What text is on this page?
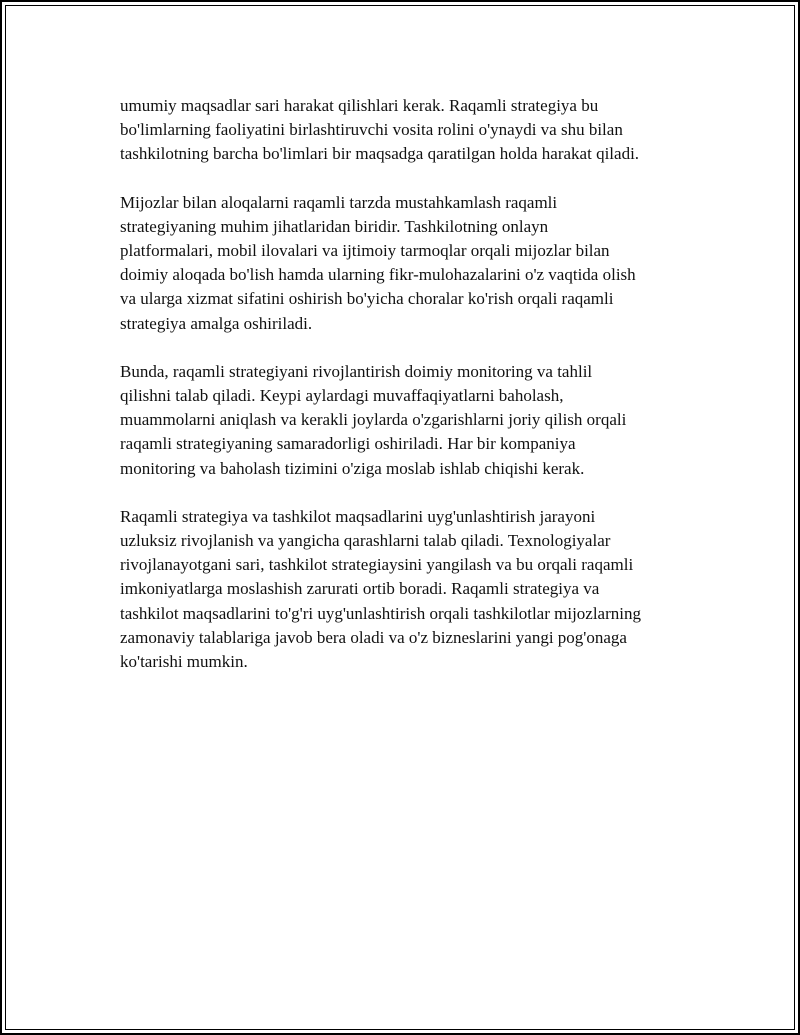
umumiy maqsadlar sari harakat qilishlari kerak. Raqamli strategiya bu
bo'limlarning faoliyatini birlashtiruvchi vosita rolini o'ynaydi va shu bilan
tashkilotning barcha bo'limlari bir maqsadga qaratilgan holda harakat qiladi.

Mijozlar bilan aloqalarni raqamli tarzda mustahkamlash raqamli
strategiyaning muhim jihatlaridan biridir. Tashkilotning onlayn
platformalari, mobil ilovalari va ijtimoiy tarmoqlar orqali mijozlar bilan
doimiy aloqada bo'lish hamda ularning fikr-mulohazalarini o'z vaqtida olish
va ularga xizmat sifatini oshirish bo'yicha choralar ko'rish orqali raqamli
strategiya amalga oshiriladi.

Bunda, raqamli strategiyani rivojlantirish doimiy monitoring va tahlil
qilishni talab qiladi. Keypi aylardagi muvaffaqiyatlarni baholash,
muammolarni aniqlash va kerakli joylarda o'zgarishlarni joriy qilish orqali
raqamli strategiyaning samaradorligi oshiriladi. Har bir kompaniya
monitoring va baholash tizimini o'ziga moslab ishlab chiqishi kerak.

Raqamli strategiya va tashkilot maqsadlarini uyg'unlashtirish jarayoni
uzluksiz rivojlanish va yangicha qarashlarni talab qiladi. Texnologiyalar
rivojlanayotgani sari, tashkilot strategiaysini yangilash va bu orqali raqamli
imkoniyatlarga moslashish zarurati ortib boradi. Raqamli strategiya va
tashkilot maqsadlarini to'g'ri uyg'unlashtirish orqali tashkilotlar mijozlarning
zamonaviy talablariga javob bera oladi va o'z bizneslarini yangi pog'onaga
ko'tarishi mumkin.
